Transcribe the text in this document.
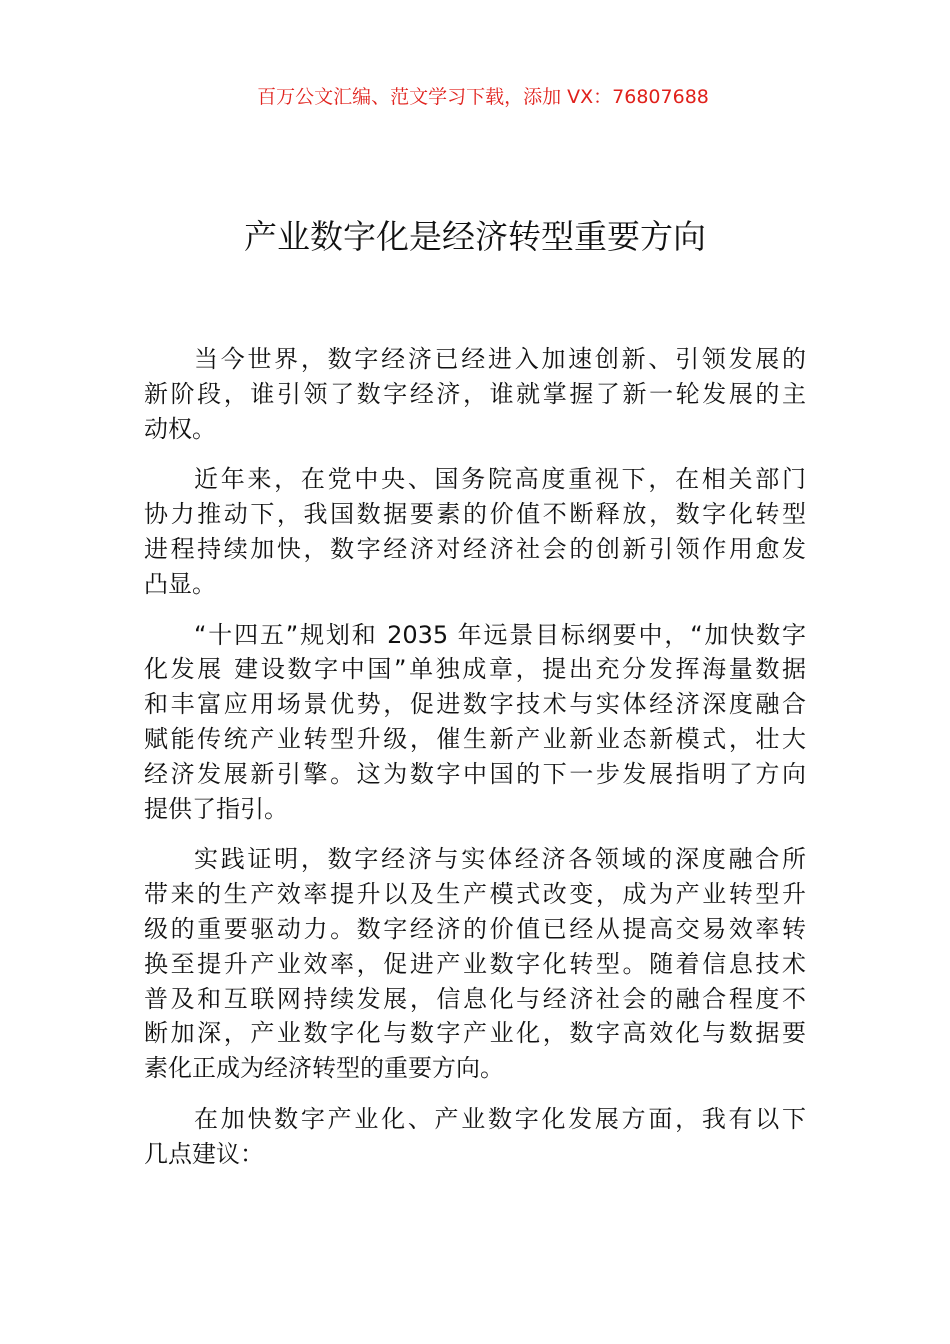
百万公文汇编、范文学习下载，添加 VX：76807688
产业数字化是经济转型重要方向
当今世界，数字经济已经进入加速创新、引领发展的
新阶段，谁引领了数字经济，谁就掌握了新一轮发展的主
动权。
近年来，在党中央、国务院高度重视下，在相关部门
协力推动下，我国数据要素的价值不断释放，数字化转型
进程持续加快，数字经济对经济社会的创新引领作用愈发
凸显。
“十四五”规划和 2035 年远景目标纲要中，“加快数字
化发展 建设数字中国”单独成章，提出充分发挥海量数据
和丰富应用场景优势，促进数字技术与实体经济深度融合
赋能传统产业转型升级，催生新产业新业态新模式，壮大
经济发展新引擎。这为数字中国的下一步发展指明了方向
提供了指引。
实践证明，数字经济与实体经济各领域的深度融合所
带来的生产效率提升以及生产模式改变，成为产业转型升
级的重要驱动力。数字经济的价值已经从提高交易效率转
换至提升产业效率，促进产业数字化转型。随着信息技术
普及和互联网持续发展，信息化与经济社会的融合程度不
断加深，产业数字化与数字产业化，数字高效化与数据要
素化正成为经济转型的重要方向。
在加快数字产业化、产业数字化发展方面，我有以下
几点建议：
